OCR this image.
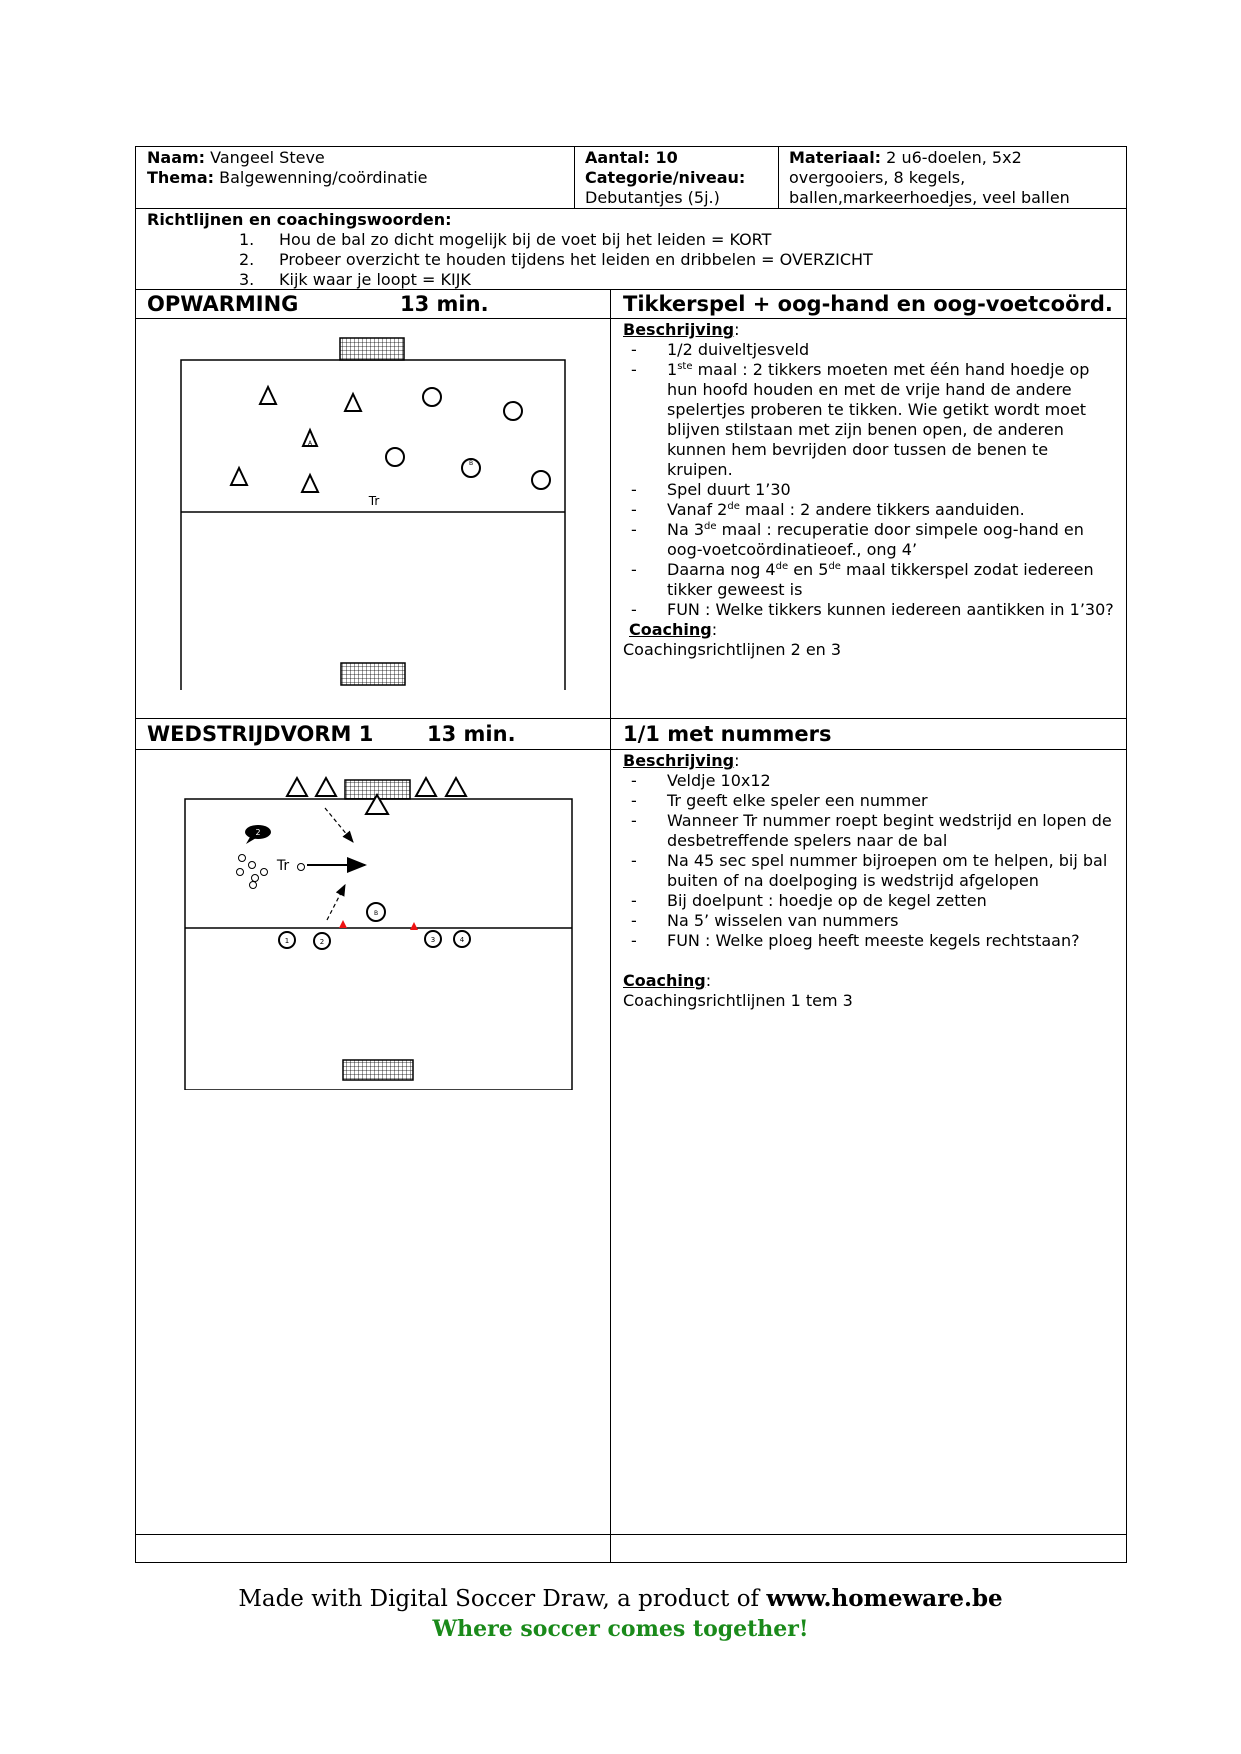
Naam: Vangeel Steve
Thema: Balgewenning/coördinatie
Aantal: 10
Categorie/niveau:
Debutantjes (5j.)
Materiaal: 2 u6-doelen, 5x2
overgooiers, 8 kegels,
ballen,markeerhoedjes, veel ballen
Richtlijnen en coachingswoorden:
1. Hou de bal zo dicht mogelijk bij de voet bij het leiden = KORT
2. Probeer overzicht te houden tijdens het leiden en dribbelen = OVERZICHT
3. Kijk waar je loopt = KIJK
OPWARMING	13 min.	Tikkerspel + oog-hand en oog-voetcoörd.
A
B
Tr
Beschrijving:
- 1/2 duiveltjesveld
- 1ste maal : 2 tikkers moeten met één hand hoedje op hun hoofd houden en met de vrije hand de andere spelertjes proberen te tikken. Wie getikt wordt moet blijven stilstaan met zijn benen open, de anderen kunnen hem bevrijden door tussen de benen te kruipen.
- Spel duurt 1’30
- Vanaf 2de maal : 2 andere tikkers aanduiden.
- Na 3de maal : recuperatie door simpele oog-hand en oog-voetcoördinatieoef., ong 4’
- Daarna nog 4de en 5de maal tikkerspel zodat iedereen tikker geweest is
- FUN : Welke tikkers kunnen iedereen aantikken in 1’30?
Coaching:
Coachingsrichtlijnen 2 en 3
WEDSTRIJDVORM 1	13 min.	1/1 met nummers
2
Tr
B
1	2	3	4
Beschrijving:
- Veldje 10x12
- Tr geeft elke speler een nummer
- Wanneer Tr nummer roept begint wedstrijd en lopen de desbetreffende spelers naar de bal
- Na 45 sec spel nummer bijroepen om te helpen, bij bal buiten of na doelpoging is wedstrijd afgelopen
- Bij doelpunt : hoedje op de kegel zetten
- Na 5’ wisselen van nummers
- FUN : Welke ploeg heeft meeste kegels rechtstaan?
Coaching:
Coachingsrichtlijnen 1 tem 3
Made with Digital Soccer Draw, a product of www.homeware.be
Where soccer comes together!
